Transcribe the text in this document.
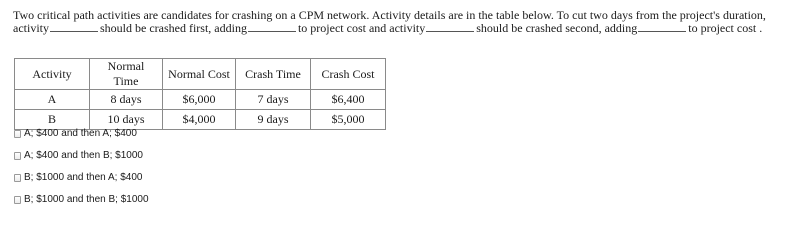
Two critical path activities are candidates for crashing on a CPM network. Activity details are in the table below. To cut two days from the project's duration,
activity	should be crashed first, adding	to project cost and activity	should be crashed second, adding	to project cost .
Activity	Normal Time	Normal Cost	Crash Time	Crash Cost
A	8 days	$6,000	7 days	$6,400
B	10 days	$4,000	9 days	$5,000
A; $400 and then A; $400
A; $400 and then B; $1000
B; $1000 and then A; $400
B; $1000 and then B; $1000
